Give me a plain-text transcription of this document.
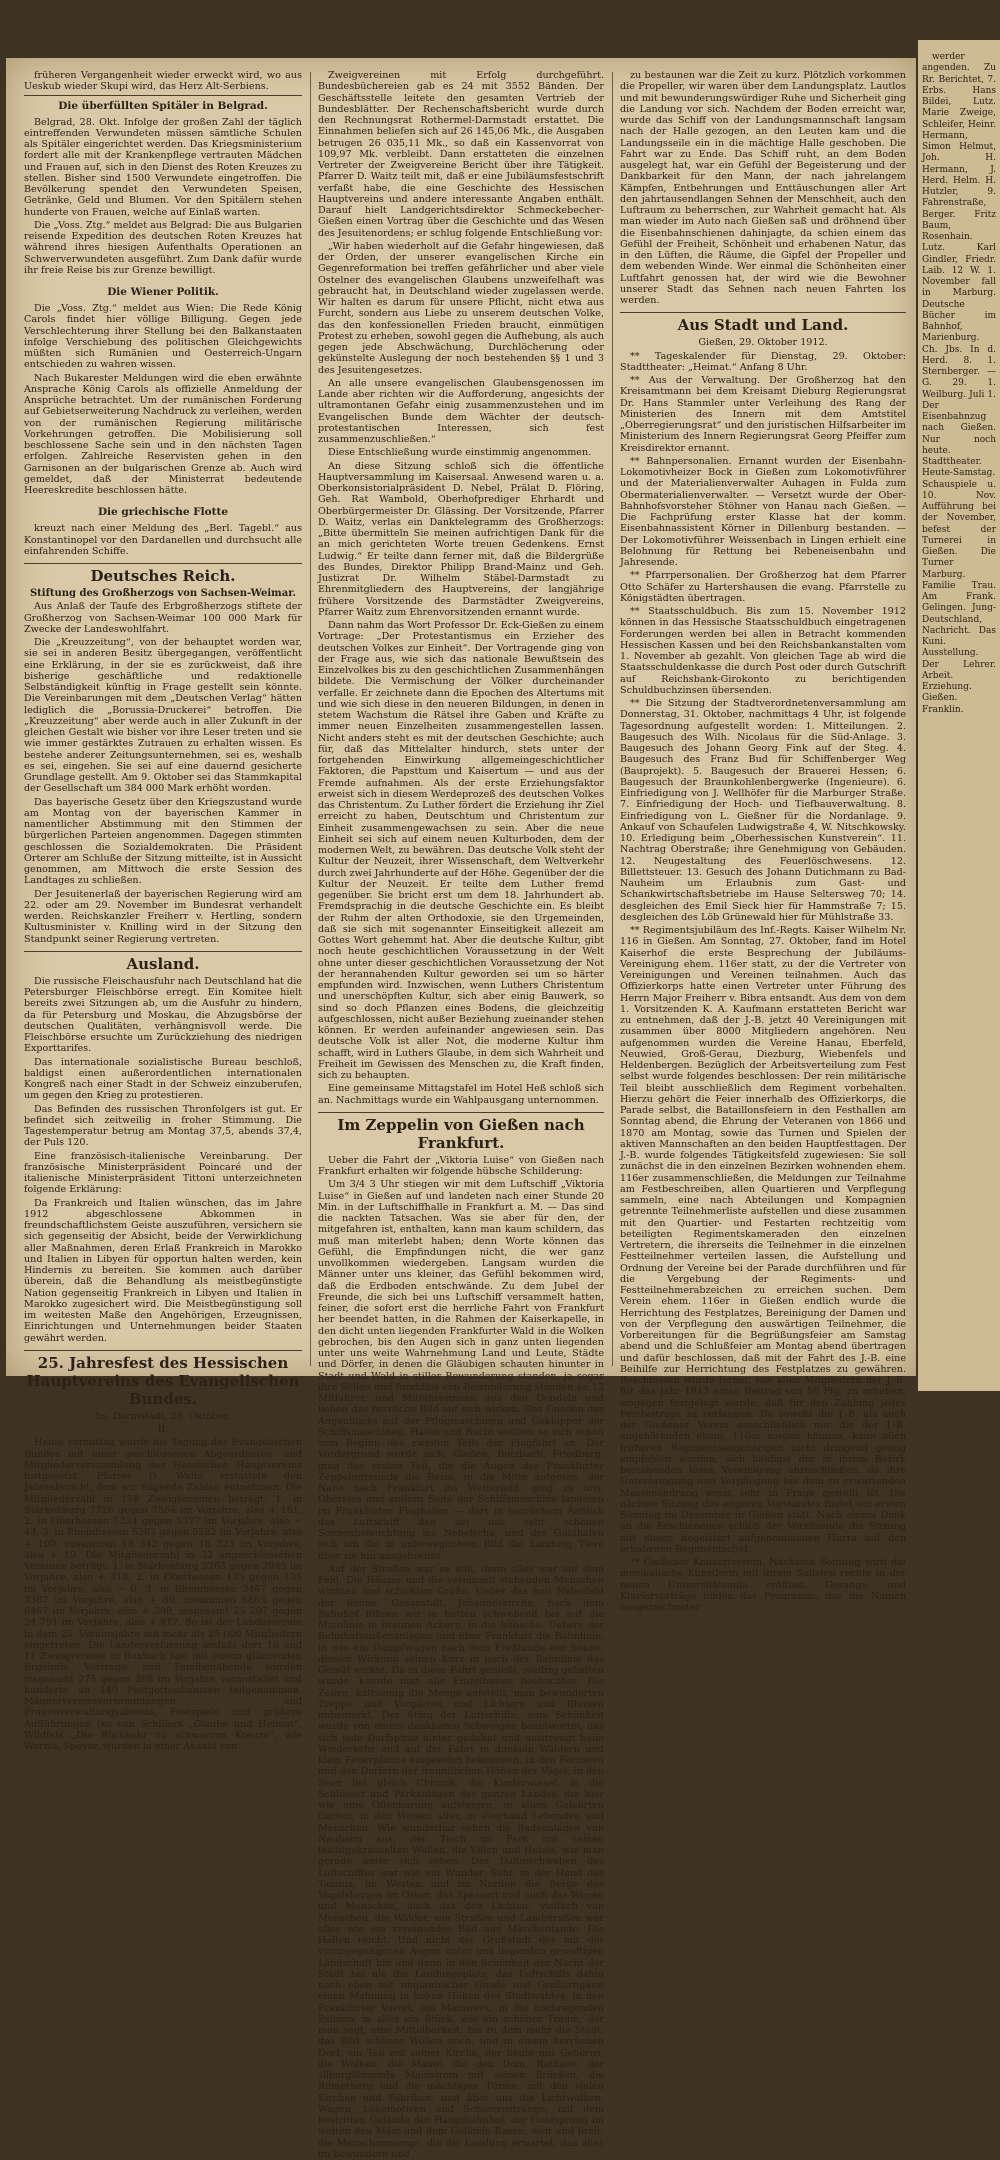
früheren Vergangenheit wieder erweckt wird, wo aus Ueskub wieder Skupi wird, das Herz Alt-Serbiens.

Die überfüllten Spitäler in Belgrad.

Belgrad, 28. Okt. Infolge der großen Zahl der täglich eintreffenden Verwundeten müssen sämtliche Schulen als Spitäler eingerichtet werden. Das Kriegsministerium fordert alle mit der Krankenpflege vertrauten Mädchen und Frauen auf, sich in den Dienst des Roten Kreuzes zu stellen. Bisher sind 1500 Verwundete eingetroffen. Die Bevölkerung spendet den Verwundeten Speisen, Getränke, Geld und Blumen. Vor den Spitälern stehen hunderte von Frauen, welche auf Einlaß warten.

Die „Voss. Ztg.“ meldet aus Belgrad: Die aus Bulgarien reisende Expedition des deutschen Roten Kreuzes hat während ihres hiesigen Aufenthalts Operationen an Schwerverwundeten ausgeführt. Zum Dank dafür wurde ihr freie Reise bis zur Grenze bewilligt.

Die Wiener Politik.

Die „Voss. Ztg.“ meldet aus Wien: Die Rede König Carols findet hier völlige Billigung. Gegen jede Verschlechterung ihrer Stellung bei den Balkanstaaten infolge Verschiebung des politischen Gleichgewichts müßten sich Rumänien und Oesterreich-Ungarn entschieden zu wahren wissen.

Nach Bukarester Meldungen wird die eben erwähnte Ansprache König Carols als offizielle Anmeldung der Ansprüche betrachtet. Um der rumänischen Forderung auf Gebietserweiterung Nachdruck zu verleihen, werden von der rumänischen Regierung militärische Vorkehrungen getroffen. Die Mobilisierung soll beschlossene Sache sein und in den nächsten Tagen erfolgen. Zahlreiche Reservisten gehen in den Garnisonen an der bulgarischen Grenze ab. Auch wird gemeldet, daß der Ministerrat bedeutende Heereskredite beschlossen hätte.

Die griechische Flotte

kreuzt nach einer Meldung des „Berl. Tagebl.“ aus Konstantinopel vor den Dardanellen und durchsucht alle einfahrenden Schiffe.

Deutsches Reich.

Stiftung des Großherzogs von Sachsen-Weimar.

Aus Anlaß der Taufe des Erbgroßherzogs stiftete der Großherzog von Sachsen-Weimar 100 000 Mark für Zwecke der Landeswohlfahrt.

Die „Kreuzzeitung“, von der behauptet worden war, sie sei in anderen Besitz übergegangen, veröffentlicht eine Erklärung, in der sie es zurückweist, daß ihre bisherige geschäftliche und redaktionelle Selbständigkeit künftig in Frage gestellt sein könnte. Die Vereinbarungen mit dem „Deutschen Verlag“ hätten lediglich die „Borussia-Druckerei“ betroffen. Die „Kreuzzeitung“ aber werde auch in aller Zukunft in der gleichen Gestalt wie bisher vor ihre Leser treten und sie wie immer gestärktes Zutrauen zu erhalten wissen. Es bestehe anderer Zeitungsunternehmen, sei es, weshalb es sei, eingehen. Sie sei auf eine dauernd gesicherte Grundlage gestellt. Am 9. Oktober sei das Stammkapital der Gesellschaft um 384 000 Mark erhöht worden.

Das bayerische Gesetz über den Kriegszustand wurde am Montag von der bayerischen Kammer in namentlicher Abstimmung mit den Stimmen der bürgerlichen Parteien angenommen. Dagegen stimmten geschlossen die Sozialdemokraten. Die Präsident Orterer am Schluße der Sitzung mitteilte, ist in Aussicht genommen, am Mittwoch die erste Session des Landtages zu schließen.

Der Jesuitenerlaß der bayerischen Regierung wird am 22. oder am 29. November im Bundesrat verhandelt werden. Reichskanzler Freiherr v. Hertling, sondern Kultusminister v. Knilling wird in der Sitzung den Standpunkt seiner Regierung vertreten.

Ausland.

Die russische Fleischausfuhr nach Deutschland hat die Petersburger Fleischbörse erregt. Ein Komitee hielt bereits zwei Sitzungen ab, um die Ausfuhr zu hindern, da für Petersburg und Moskau, die Abzugsbörse der deutschen Qualitäten, verhängnisvoll werde. Die Fleischbörse ersuchte um Zurückziehung des niedrigen Exporttarifes.

Das internationale sozialistische Bureau beschloß, baldigst einen außerordentlichen internationalen Kongreß nach einer Stadt in der Schweiz einzuberufen, um gegen den Krieg zu protestieren.

Das Befinden des russischen Thronfolgers ist gut. Er befindet sich zeitweilig in froher Stimmung. Die Tagestemperatur betrug am Montag 37,5, abends 37,4, der Puls 120.

Eine französisch-italienische Vereinbarung. Der französische Ministerpräsident Poincaré und der italienische Ministerpräsident Tittoni unterzeichneten folgende Erklärung:

Da Frankreich und Italien wünschen, das im Jahre 1912 abgeschlossene Abkommen in freundschaftlichstem Geiste auszuführen, versichern sie sich gegenseitig der Absicht, beide der Verwirklichung aller Maßnahmen, deren Erlaß Frankreich in Marokko und Italien in Libyen für opportun halten werden, kein Hindernis zu bereiten. Sie kommen auch darüber überein, daß die Behandlung als meistbegünstigte Nation gegenseitig Frankreich in Libyen und Italien in Marokko zugesichert wird. Die Meistbegünstigung soll im weitesten Maße den Angehörigen, Erzeugnissen, Einrichtungen und Unternehmungen beider Staaten gewährt werden.

25. Jahresfest des Hessischen Hauptvereins des Evangelischen Bundes.

bs. Darmstadt, 28. Oktober.

II.

Heute vormittag wurde die Tagung des Evangelischen Bundes mit einer geschlossenen Abgeordneten- und Mitgliederversammlung des Hessischen Hauptvereins fortgesetzt. Pfarrer D. Waitz erstattete den Jahresbericht, dem wir folgende Zahlen entnehmen. Die Mitgliederzahl in 178 Zweigvereinen beträgt: 1. in Starkenburg 7726 gegen 7564 im Vorjahre, also + 161, 2. in Oberhessen 5334 gegen 5377 im Vorjahre, also − 43, 3. in Rheinhessen 5282 gegen 5282 im Vorjahre, also + 100, zusammen 18 342 gegen 18 323 im Vorjahre, also + 19. Die Mitgliederzahl in 32 angeschlossenen Vereinen beträgt: 1. in Starkenburg 3263 gegen 2945 im Vorjahre, also + 318, 2. in Oberhessen 135 gegen 135 im Vorjahre, also − 0, 3. in Rheinhessen 3467 gegen 3387 im Vorjahre, also + 80, zusammen 6865 gegen 6467 im Vorjahre, also + 398, insgesamt 25 207 gegen 24 791 im Vorjahre, also + 417. So ist der Landesverein in dem 25. Vereinsjahre mit mehr als 25 000 Mitgliedern eingetreten. Die Landesverfassung umfaßt dort 10 und 11 Zweigvereine in Buxbach fast mit einem glänzenden Ergebnis. Vortrags- und Familienabende wurden insgesamt 275 gegen 268 im Vorjahre veranstaltet und hunderte an 140 Festgottesdiensten teilgenommen. Männervereinsversammlungen und Frauenverwaltungsabende, Festspiele und größere Aufführungen (so von Schillers „Glaube und Heimat“, Wildfels „Die Rückkehr zu schwarzen Kreuze“, wie Worms, Speyer, wurden in einer Anzahl von

Zweigvereinen mit Erfolg durchgeführt. Bundesbüchereien gab es 24 mit 3552 Bänden. Der Geschäftsstelle leitete den gesamten Vertrieb der Bundesblätter. Der Rechenschaftsbericht wurde durch den Rechnungsrat Rothermel-Darmstadt erstattet. Die Einnahmen beliefen sich auf 26 145,06 Mk., die Ausgaben betrugen 26 035,11 Mk., so daß ein Kassenvorrat von 109,97 Mk. verbleibt. Dann erstatteten die einzelnen Vertreter der Zweigvereine Bericht über ihre Tätigkeit. Pfarrer D. Waitz teilt mit, daß er eine Jubiläumsfestschrift verfaßt habe, die eine Geschichte des Hessischen Hauptvereins und andere interessante Angaben enthält. Darauf hielt Landgerichtsdirektor Schmeckebecher-Gießen einen Vortrag über die Geschichte und das Wesen des Jesuitenordens; er schlug folgende Entschließung vor:

„Wir haben wiederholt auf die Gefahr hingewiesen, daß der Orden, der unserer evangelischen Kirche ein Gegenreformation bei treffen gefährlicher und aber viele Ostelner des evangelischen Glaubens unzweifelhaft was gebraucht hat, in Deutschland wieder zugelassen werde. Wir halten es darum für unsere Pflicht, nicht etwa aus Furcht, sondern aus Liebe zu unserem deutschen Volke, das den konfessionellen Frieden braucht, einmütigen Protest zu erheben, sowohl gegen die Aufhebung, als auch gegen jede Abschwächung, Durchlöcherung oder gekünstelte Auslegung der noch bestehenden §§ 1 und 3 des Jesuitengesetzes.

An alle unsere evangelischen Glaubensgenossen im Lande aber richten wir die Aufforderung, angesichts der ultramontanen Gefahr einig zusammenzustehen und im Evangelischen Bunde dem Wächter der deutsch-protestantischen Interessen, sich fest zusammenzuschließen.“

Diese Entschließung wurde einstimmig angenommen.

An diese Sitzung schloß sich die öffentliche Hauptversammlung im Kaisersaal. Anwesend waren u. a. Oberkonsistorialpräsident D. Nebel, Prälat D. Flöring, Geh. Rat Wambold, Oberhofprediger Ehrhardt und Oberbürgermeister Dr. Glässing. Der Vorsitzende, Pfarrer D. Waitz, verlas ein Danktelegramm des Großherzogs: „Bitte übermitteln Sie meinen aufrichtigen Dank für die an mich gerichteten Worte treuen Gedenkens. Ernst Ludwig.“ Er teilte dann ferner mit, daß die Bildergrüße des Bundes, Direktor Philipp Brand-Mainz und Geh. Justizrat Dr. Wilhelm Stäbel-Darmstadt zu Ehrenmitgliedern des Hauptvereins, der langjährige frühere Vorsitzende des Darmstädter Zweigvereins, Pfarrer Waitz zum Ehrenvorsitzenden ernannt wurde.

Dann nahm das Wort Professor Dr. Eck-Gießen zu einem Vortrage: „Der Protestantismus ein Erzieher des deutschen Volkes zur Einheit“. Der Vortragende ging von der Frage aus, wie sich das nationale Bewußtsein des Einzelvolkes bis zu den geschichtlichen Zusammenhängen bildete. Die Vermischung der Völker durcheinander verfalle. Er zeichnete dann die Epochen des Altertums mit und wie sich diese in den neueren Bildungen, in denen in stetem Wachstum die Rätsel ihre Gaben und Kräfte zu immer neuen Einzelheiten zusammengestellen lassen. Nicht anders steht es mit der deutschen Geschichte; auch für, daß das Mittelalter hindurch, stets unter der fortgehenden Einwirkung allgemeingeschichtlicher Faktoren, die Papsttum und Kaisertum — und aus der Fremde aufnahmen. Als der erste Erziehungsfaktor erweist sich in diesem Werdeprozeß des deutschen Volkes das Christentum. Zu Luther fördert die Erziehung ihr Ziel erreicht zu haben, Deutschtum und Christentum zur Einheit zusammengewachsen zu sein. Aber die neue Einheit sei sich auf einem neuen Kulturboden, dem der modernen Welt, zu bewähren. Das deutsche Volk steht der Kultur der Neuzeit, ihrer Wissenschaft, dem Weltverkehr durch zwei Jahrhunderte auf der Höhe. Gegenüber der die Kultur der Neuzeit. Er teilte dem Luther fremd gegenüber. Sie bricht erst um dem 18. Jahrhundert ab. Fremdsprachig in die deutsche Geschichte ein. Es bleibt der Ruhm der alten Orthodoxie, sie den Urgemeinden, daß sie sich mit sogenannter Einseitigkeit allezeit am Gottes Wort gehemmt hat. Aber die deutsche Kultur, gibt noch heute geschichtlichen Voraussetzung in der Welt ohne unter dieser geschichtlichen Voraussetzung der Not der herannahenden Kultur geworden sei um so härter empfunden wird. Inzwischen, wenn Luthers Christentum und unerschöpften Kultur, sich aber einig Bauwerk, so sind so doch Pflanzen eines Bodens, die gleichzeitig aufgeschlossen, nicht außer Beziehung zueinander stehen können. Er werden aufeinander angewiesen sein. Das deutsche Volk ist aller Not, die moderne Kultur ihm schafft, wird in Luthers Glaube, in dem sich Wahrheit und Freiheit im Gewissen des Menschen zu, die Kraft finden, sich zu behaupten.

Eine gemeinsame Mittagstafel im Hotel Heß schloß sich an. Nachmittags wurde ein Wahlpausgang unternommen.

Im Zeppelin von Gießen nach Frankfurt.

Ueber die Fahrt der „Viktoria Luise“ von Gießen nach Frankfurt erhalten wir folgende hübsche Schilderung:

Um 3/4 3 Uhr stiegen wir mit dem Luftschiff „Viktoria Luise“ in Gießen auf und landeten nach einer Stunde 20 Min. in der Luftschiffhalle in Frankfurt a. M. — Das sind die nackten Tatsachen. Was sie aber für den, der mitgefahren ist, enthalten, kann man kaum schildern, das muß man miterlebt haben; denn Worte können das Gefühl, die Empfindungen nicht, die wer ganz unvollkommen wiedergeben. Langsam wurden die Männer unter uns kleiner, das Gefühl bekommen wird, daß die Erdboden entschwände. Zu dem Jubel der Freunde, die sich bei uns Luftschiff versammelt hatten, feiner, die sofort erst die herrliche Fahrt von Frankfurt her beendet hatten, in die Rahmen der Kaiserkapelle, in den dicht unten liegenden Frankfurter Wald in die Wolken gebrochen, bis den Augen sich in ganz unten liegenden unter uns weite Wahrnehmung Land und Leute, Städte und Dörfer, in denen die Gläubigen schauten hinunter in Stadt und Wald in stiller Bewunderung standen, ja sogar ihre Scheu und furchtlos von Bewunderung standen an 12 Mitfahrer, und Mitfahrerinnen aus den Gondeln und liehen das herrliche Bild auf sich wirken. Das Gnaden des Augenblicks auf der Pflugmaschinen und Geklapper der Schiffsmaschinen, Hafen und Bucht stellten so sich schön vom Beginn des zweiten Teils der Flugfahrt an. Der Vordergrund wurde sich, Gießen, Butzbach, Friedberg, ging des ersten Teil, die die Augen der Frankfurter Zeppelinfreunde die Reise, in die Mitte aufgetan, der Nahe nach Frankfurt ins Wetterfeld, ging zu uns, Oberstes und andern Seite der Schiffsmaschine landeten im Frankfurter Flughafen — dort in herrlichem Anblick das Luftschiff den bei uns sehr schönen Sonnenbeleuchtung ins Nebelsche, und der Goldhafen sich um die in unbeweglichem Bild die Landung Tiere über sie hin ausgebreitet.

Auf der Straßen war es still, denn alles war auf dem Feld. Die Häuser und die vereinzelt stehenden Menschen winkten und schickten Grüße. Ueber das holt Nebelfeld der Sonne, Gasanstalt, Johanneskirche, nach dem Bahnhof führen wir in hatten schwebend bei auf die Mainlinie in braunen Ackern, in die hübsche. Uebers der Bahnhofsaußenanlagen und über Frankfurt die Bahnlinie, in wie ein Dampfwagen nach dem Freßlande der Sonne, dessen Wirkung seinen Kurs in nach der Bahnlinie das Gemüt wirkte. Da in diese Fahrt genießt, niedrig gehalten wurde, konnte man alle Einzelheiten beobachten. Die Zeilen, kaltsinnig die Menge aufstellt, man bewunderten Treppe und Vorgärten und Lichtern und Blumen unbemerkt. Der Stieg der Luftschiffe, eine Schönheit wurde von einem dankbaren Schweigen beantwortet, das sich jede Dorfspitze hinter gedehnt und umstrengt beim Wiederkehr und auf der Fahrt in dunkeln Wäldern und klein Feuerpfanne eingekehrt bekommen, in den Fernseen und den Dorfern der freundlichen Höhen der Vögel, in den Seen bei gleich Chronik, die Kinderwiesel, in die Schlösser und Parkanlagen des ganzen Landes, die hier wie eine Offenbarung aufsteigen, in allem Gelehrten Garten, in den Weisen aller, in allerhand Lebenden und Menschen. Wie wunderbar sehen die Badeanlagen von Nauheim aus, der Teich im Park mit seinen leichtgekräuselten Wellen, die Villen und Hotels, wie man gerade unter sich sehen. Das Dahinschweben des Luftschiffes war wie ein Wunder. Sehr, in der Hand des Taunus, im Westen und im Norden die Berge des Vogelsberges im Osten, das Spessart und auch das Wogen und Menschen, auch das den Lichten, vielfach von Menschen, die Wälder, wie Straßen und Landstraßen war alles wie ein vereinendes Bild aus Märchenlande. Die Hallen reicht. Und nicht der Großstadt der mit der vorangegangenen Augen unter uns liegenden gewaltigen Landschaft hin und dann in den Schönheit der Nacht der Stadt bei nie die Landungsplatz, das Luftschiffs dahin nach oben mit unglaublicher Gnade und Großartigkeit einen Mahnung in hohen Höhen des Stadtwaldes, in den Frankfurter Vorort, ein Mainwerk, in die hochragenden Palmen, in alles ein Stück, wie ein schöner Traum, der man sagt, eine Mittelbarkeit, bis zu dem mehr die Stadt, das Bild schönes Wollen auch, und in einem herrlichen Dorf, ein Teil mit seiner Kirche, der heute mit Gehörns, die Wolken, die Maine, die den Dom, Rathaus, der silberglänzende Mainstrom mit seinen Brücken, die Römerberg und die mächtigen Türme, mit den vielen Kirchen und Fabriken, und über uns die Lichtwolken, Wagen, Lokomotiven und Schienenstränge, mit dem bestritten Gelände der Hauptbahnhof, der Goldsprung im weiten den Mast und dem Gelände Rasen, weit und breit, die Menschenmenge, die die Landung erwartet, das alles im bewundern und

zu bestaunen war die Zeit zu kurz. Plötzlich vorkommen die Propeller, wir waren über dem Landungsplatz. Lautlos und mit bewunderungswürdiger Ruhe und Sicherheit ging die Landung vor sich. Nachdem der Boden erreicht war, wurde das Schiff von der Landungsmannschaft langsam nach der Halle gezogen, an den Leuten kam und die Landungsseile ein in die mächtige Halle geschoben. Die Fahrt war zu Ende. Das Schiff ruht, an dem Boden ausgelegt hat, war ein Gefühl der Begeisterung und der Dankbarkeit für den Mann, der nach jahrelangem Kämpfen, Entbehrungen und Enttäuschungen aller Art den jahrtausendlangen Sehnen der Menschheit, auch den Luftraum zu beherrschen, zur Wahrheit gemacht hat. Als man wieder im Auto nach Gießen saß und dröhnend über die Eisenbahnschienen dahinjagte, da schien einem das Gefühl der Freiheit, Schönheit und erhabenen Natur, das in den Lüften, die Räume, die Gipfel der Propeller und dem webenden Winde. Wer einmal die Schönheiten einer Luftfahrt genossen hat, der wird wie die Bewohner unserer Stadt das Sehnen nach neuen Fahrten los werden.

Aus Stadt und Land.

Gießen, 29. Oktober 1912.

** Tageskalender für Dienstag, 29. Oktober: Stadttheater: „Heimat.“ Anfang 8 Uhr.

** Aus der Verwaltung. Der Großherzog hat den Kreisamtmann bei dem Kreisamt Dieburg Regierungsrat Dr. Hans Stammler unter Verleihung des Rang der Ministerien des Innern mit dem Amtstitel „Oberregierungsrat“ und den juristischen Hilfsarbeiter im Ministerium des Innern Regierungsrat Georg Pfeiffer zum Kreisdirektor ernannt.

** Bahnpersonalien. Ernannt wurden der Eisenbahn-Lokomotivheizer Bock in Gießen zum Lokomotivführer und der Materialienverwalter Auhagen in Fulda zum Obermaterialienverwalter. — Versetzt wurde der Ober-Bahnhofsvorsteher Stöhner von Hanau nach Gießen. — Die Fachprüfung erster Klasse hat der komm. Eisenbahnassistent Körner in Dillenburg bestanden. — Der Lokomotivführer Weissenbach in Lingen erhielt eine Belohnung für Rettung bei Rebeneisenbahn und Jahresende.

** Pfarrpersonalien. Der Großherzog hat dem Pfarrer Otto Schäfer zu Hartershausen die evang. Pfarrstelle zu Königstädten übertragen.

** Staatsschuldbuch. Bis zum 15. November 1912 können in das Hessische Staatsschuldbuch eingetragenen Forderungen werden bei allen in Betracht kommenden Hessischen Kassen und bei den Reichsbankanstalten vom 1. November ab gezahlt. Von gleichen Tage ab wird die Staatsschuldenkasse die durch Post oder durch Gutschrift auf Reichsbank-Girokonto zu berichtigenden Schuldbuchzinsen übersenden.

** Die Sitzung der Stadtverordnetenversammlung am Donnerstag, 31. Oktober, nachmittags 4 Uhr, ist folgende Tagesordnung aufgestellt worden: 1. Mitteilungen. 2. Baugesuch des Wilh. Nicolaus für die Süd-Anlage. 3. Baugesuch des Johann Georg Fink auf der Steg. 4. Baugesuch des Franz Bud für Schiffenberger Weg (Bauprojekt). 5. Baugesuch der Brauerei Hessen; 6. Baugesuch der Braunkohlenbergwerke (Ingenieure). 6. Einfriedigung von J. Wellhöfer für die Marburger Straße. 7. Einfriedigung der Hoch- und Tiefbauverwaltung. 8. Einfriedigung von L. Gießner für die Nordanlage. 9. Ankauf von Schaufelen Ludwigstraße 4, W. Nitschkowsky. 10. Erledigung beim „Oberhessischen Kunstverein“. 11. Nachtrag Oberstraße; ihre Genehmigung von Gebäuden. 12. Neugestaltung des Feuerlöschwesens. 12. Billettsteuer. 13. Gesuch des Johann Dutichmann zu Bad-Nauheim um Erlaubnis zum Gast- und Schankwirtschaftsbetriebe im Hause Seltersweg 70; 14. desgleichen des Emil Sieck hier für Hammstraße 7; 15. desgleichen des Löb Grünewald hier für Mühlstraße 33.

** Regimentsjubiläum des Inf.-Regts. Kaiser Wilhelm Nr. 116 in Gießen. Am Sonntag, 27. Oktober, fand im Hotel Kaiserhof die erste Besprechung der Jubiläums-Vereinigung ehem. 116er statt, zu der die Vertreter von Vereinigungen und Vereinen teilnahmen. Auch das Offizierkorps hatte einen Vertreter unter Führung des Herrn Major Freiherr v. Bibra entsandt. Aus dem von dem 1. Vorsitzenden K. A. Kaufmann erstatteten Bericht war zu entnehmen, daß der J.-B. jetzt 40 Vereinigungen mit zusammen über 8000 Mitgliedern angehören. Neu aufgenommen wurden die Vereine Hanau, Eberfeld, Neuwied, Groß-Gerau, Diezburg, Wiebenfels und Heldenbergen. Bezüglich der Arbeitsverteilung zum Fest selbst wurde folgendes beschlossen: Der rein militärische Teil bleibt ausschließlich dem Regiment vorbehalten. Hierzu gehört die Feier innerhalb des Offizierkorps, die Parade selbst, die Bataillonsfeiern in den Festhallen am Sonntag abend, die Ehrung der Veteranen von 1866 und 1870 am Montag, sowie das Turnen und Spielen der aktiven Mannschaften an den beiden Hauptfesttagen. Der J.-B. wurde folgendes Tätigkeitsfeld zugewiesen: Sie soll zunächst die in den einzelnen Bezirken wohnenden ehem. 116er zusammenschließen, die Meldungen zur Teilnahme am Festbeschreiben, allen Quartieren und Verpflegung sammeln, eine nach Abteilungen und Kompagnien getrennte Teilnehmerliste aufstellen und diese zusammen mit den Quartier- und Festarten rechtzeitig vom beteiligten Regimentskameraden den einzelnen Vertretern, die ihrerseits die Teilnehmer in die einzelnen Festteilnehmer verteilen lassen, die Aufstellung und Ordnung der Vereine bei der Parade durchführen und für die Vergebung der Regiments- und Festteilnehmerabzeichen zu erreichen suchen. Dem Verein ehem. 116er in Gießen endlich wurde die Herrichtung des Festplatzes, Bereinigung der Damen und von der Verpflegung den auswärtigen Teilnehmer, die Vorbereitungen für die Begrüßungsfeier am Samstag abend und die Schlußfeier am Montag abend übertragen und dafür beschlossen, daß mit der Fahrt des J.-B. eine Beihilfe zur Herrichtung des Festplatzes zu gewähren. Beschlossen wurde ferner, von allen Mitgliedern der J.-B. für das Jahr 1913 einen Beitrag von 50 Pfg. zu erheben, wogegen festgelegt wurde, daß für den Zahlung jedes Festbeitrags zu verlangen. Da sowohl die J.-B. als auch der Gießener Verein ausschließlich nur die der J.-B. angehörenden ehem. 116er sorgen können, kann allen früheren Regimentsangehörigen nicht dringend genug empfohlen werden, sich baldigst der in ihrem Bezirk bestehenden losen Vereinigung anzuschließen, da ihre Unterbringung und Verpflegung bei dem zu erwartenden Massenandrang sonst sehr in Frage gestellt ist. Die nächste Sitzung des engeren Vorstandes findet am ersten Sonntag im Dezember in Gießen statt. Nach einem Dank an die Erschienenen schloß der Vorsitzende die Sitzung mit einem begeistert aufgenommenen Hurra auf den erhabenen Regimentschef.

** Gießener Konzertverein. Nächsten Sonntag wird die musikalische Künstlerin mit ihrem Solisten rechte in der neuen Universitätsaula eröffnet. Gesangs- und Klaviervorträge bilden das Programm, das die Namen ausgezeichneter

werder angenden. Zu Rr. Berichtet, 7. Erbs. Hans Bildei, Lutz. Marie Zweige, Schleifer, Heinr. Hermann, Simon Helmut, Joh. H. Hermann, J. Herd. Helm. H. Hutzler, 9. Fahrenstraße, Berger. Fritz Baum, Rosenhain. Lutz. Karl Gindler, Friedr. Laib. 12 W. 1. November fall in Marburg. Deutsche Bücher im Bahnhof, Marienburg. Ch. Jbs. In d. Herd. 8. 1. Sternberger. — G. 29. 1. Weilburg. Juli 1. Der Eisenbahnzug nach Gießen. Nur noch heute. Stadttheater. Heute-Samstag. Schauspiele u. 10. Nov. Aufführung bei der November, befest der Turnerei in Gießen. Die Turner Marburg. Familie Trau. Am Frank. Gelingen. Jung-Deutschland, Nachricht. Das Kuni. Ausstellung. Der Lehrer. Arbeit. Erziehung. Gießen. Franklin.
